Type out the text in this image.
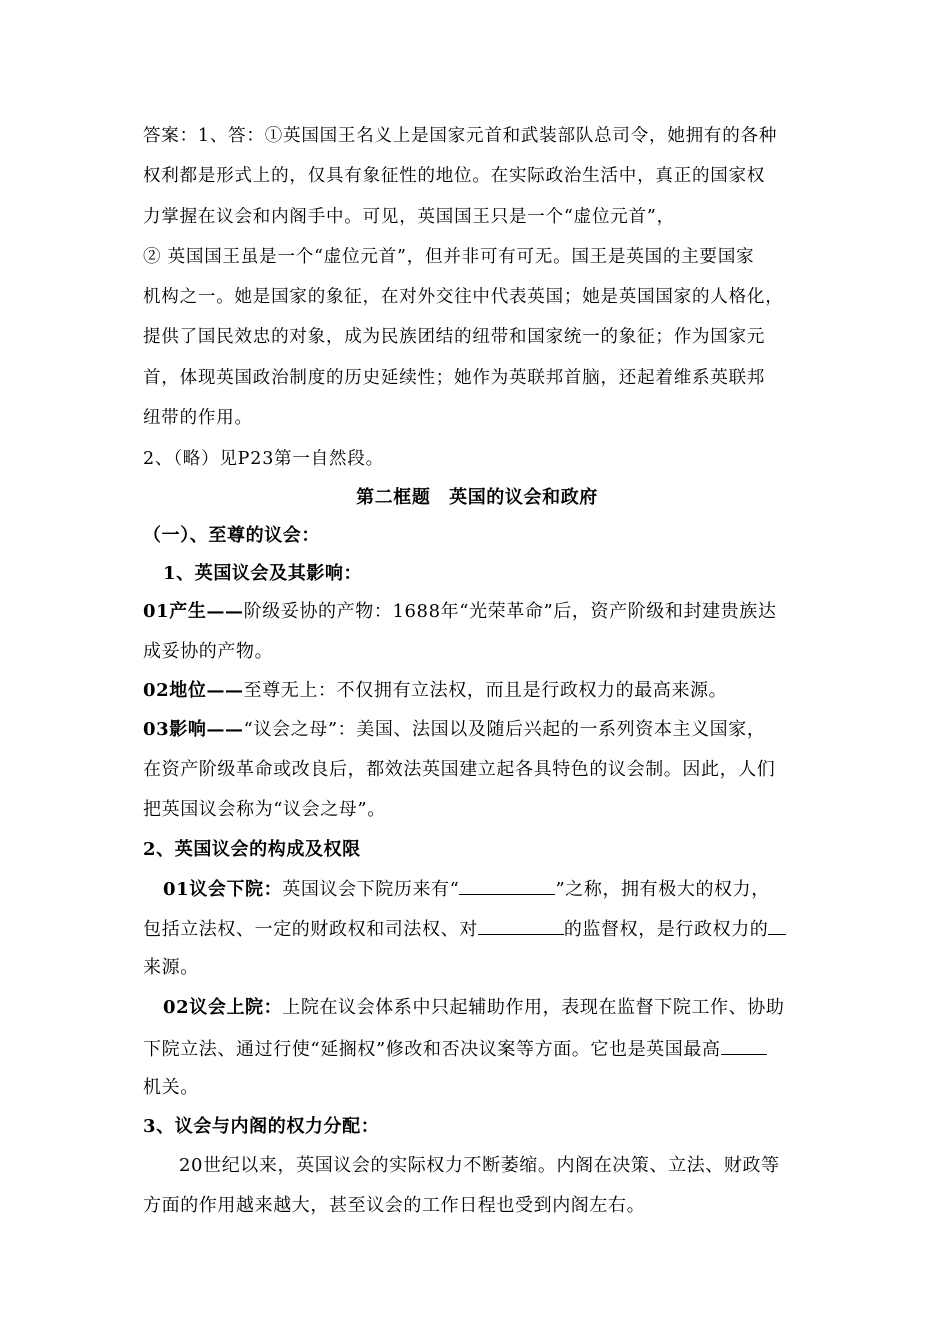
答案：1、答：①英国国王名义上是国家元首和武装部队总司令，她拥有的各种
权利都是形式上的，仅具有象征性的地位。在实际政治生活中，真正的国家权
力掌握在议会和内阁手中。可见，英国国王只是一个“虚位元首”，
② 英国国王虽是一个“虚位元首”，但并非可有可无。国王是英国的主要国家
机构之一。她是国家的象征，在对外交往中代表英国；她是英国国家的人格化，
提供了国民效忠的对象，成为民族团结的纽带和国家统一的象征；作为国家元
首，体现英国政治制度的历史延续性；她作为英联邦首脑，还起着维系英联邦
纽带的作用。
2、（略）见P23第一自然段。
第二框题　英国的议会和政府
（一）、至尊的议会：
1、英国议会及其影响：
01产生——阶级妥协的产物：1688年“光荣革命”后，资产阶级和封建贵族达
成妥协的产物。
02地位——至尊无上：不仅拥有立法权，而且是行政权力的最高来源。
03影响——“议会之母”：美国、法国以及随后兴起的一系列资本主义国家，
在资产阶级革命或改良后，都效法英国建立起各具特色的议会制。因此，人们
把英国议会称为“议会之母”。
2、英国议会的构成及权限
01议会下院：英国议会下院历来有“	”之称，拥有极大的权力，
包括立法权、一定的财政权和司法权、对	的监督权，是行政权力的
来源。
02议会上院：上院在议会体系中只起辅助作用，表现在监督下院工作、协助
下院立法、通过行使“延搁权”修改和否决议案等方面。它也是英国最高
机关。
3、议会与内阁的权力分配：
20世纪以来，英国议会的实际权力不断萎缩。内阁在决策、立法、财政等
方面的作用越来越大，甚至议会的工作日程也受到内阁左右。
